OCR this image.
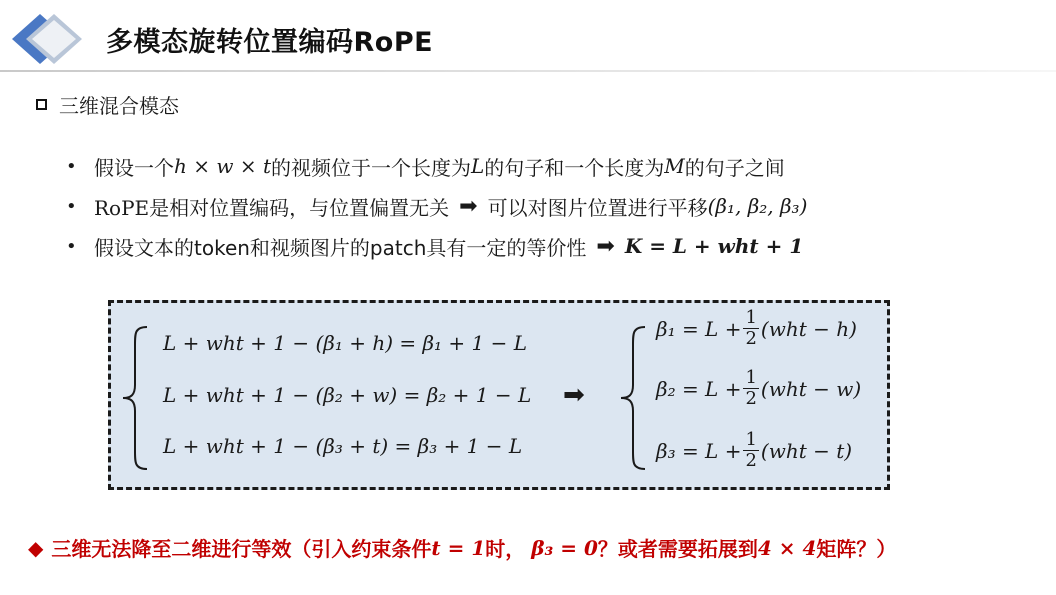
多模态旋转位置编码RoPE
三维混合模态
• 假设一个 h × w × t 的视频位于一个长度为 L 的句子和一个长度为 M 的句子之间
• RoPE是相对位置编码，与位置偏置无关 ➡ 可以对图片位置进行平移 (β₁, β₂, β₃)
• 假设文本的token和视频图片的patch具有一定的等价性 ➡ K = L + wht + 1
L + wht + 1 − (β₁ + h) = β₁ + 1 − L
L + wht + 1 − (β₂ + w) = β₂ + 1 − L
L + wht + 1 − (β₃ + t) = β₃ + 1 − L
➡
$\beta_1 = L + \frac{1}{2} (wht - h)$
$\beta_2 = L + \frac{1}{2} (wht - w)$
$\beta_3 = L + \frac{1}{2} (wht - t)$
◆ 三维无法降至二维进行等效（引入约束条件 t = 1 时， β₃ = 0 ？或者需要拓展到 4 × 4 矩阵？）
